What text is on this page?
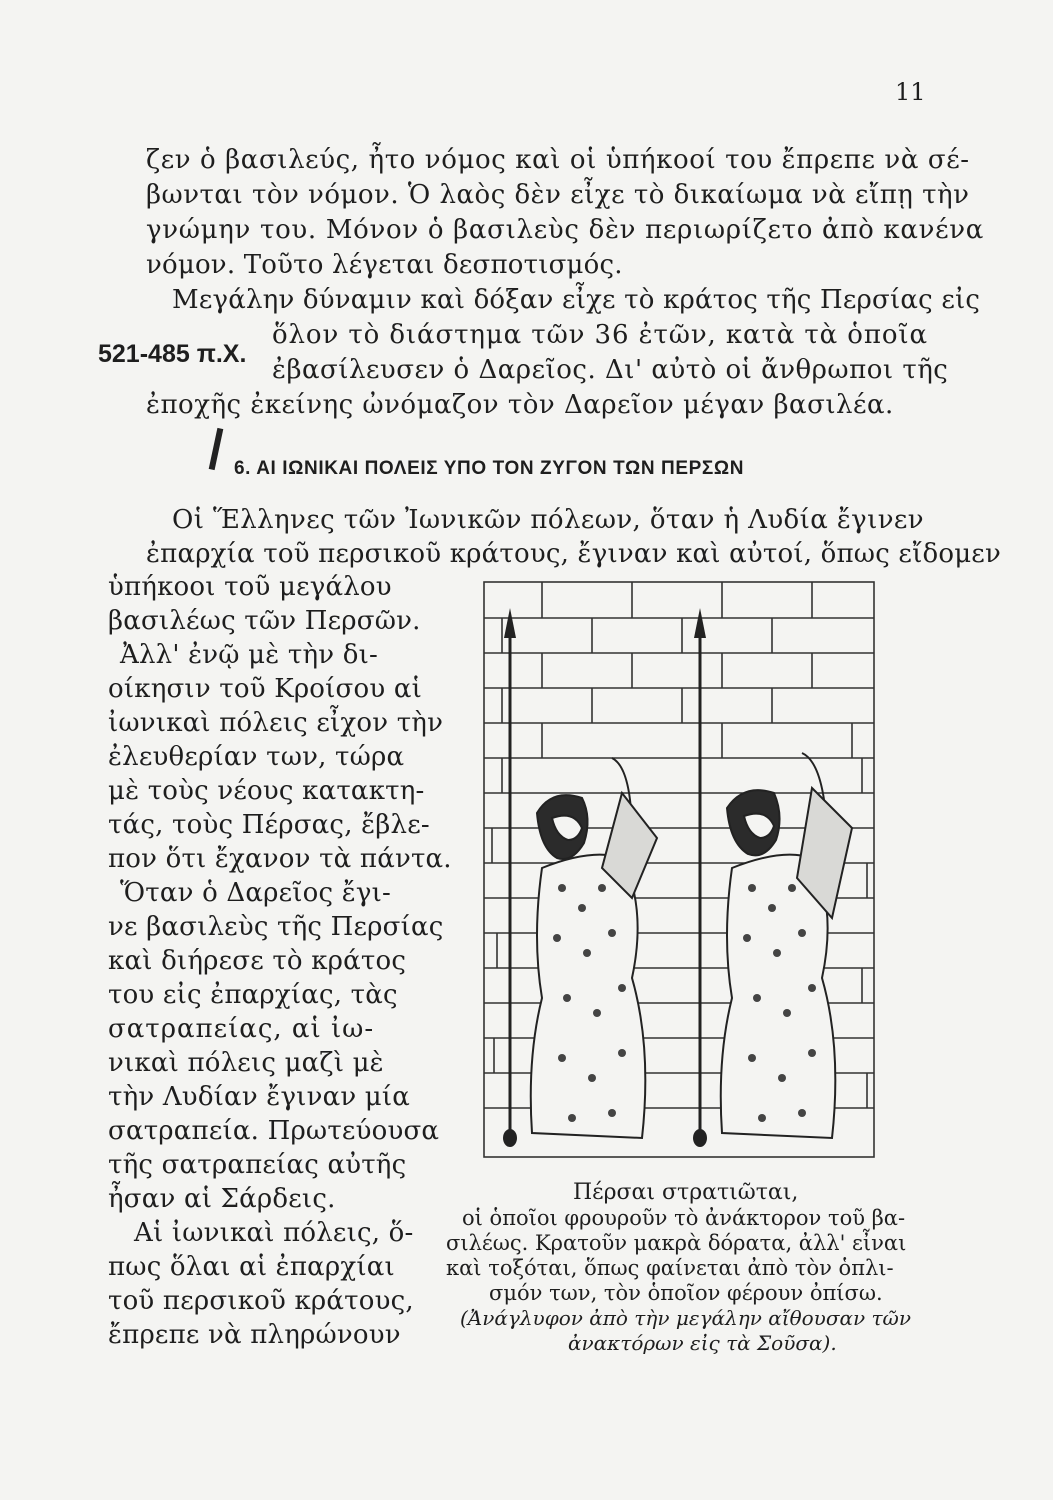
11
ζεν ὁ βασιλεύς, ἦτο νόμος καὶ οἱ ὑπήκοοί του ἔπρεπε νὰ σέ-
βωνται τὸν νόμον. Ὁ λαὸς δὲν εἶχε τὸ δικαίωμα νὰ εἴπῃ τὴν
γνώμην του. Μόνον ὁ βασιλεὺς δὲν περιωρίζετο ἀπὸ κανένα
νόμον. Τοῦτο λέγεται δεσποτισμός.
Μεγάλην δύναμιν καὶ δόξαν εἶχε τὸ κράτος τῆς Περσίας εἰς
ὅλον τὸ διάστημα τῶν 36 ἐτῶν, κατὰ τὰ ὁποῖα
ἐβασίλευσεν ὁ Δαρεῖος. Δι' αὐτὸ οἱ ἄνθρωποι τῆς
ἐποχῆς ἐκείνης ὠνόμαζον τὸν Δαρεῖον μέγαν βασιλέα.
521-485 π.Χ.
6. ΑΙ ΙΩΝΙΚΑΙ ΠΟΛΕΙΣ ΥΠΟ ΤΟΝ ΖΥΓΟΝ ΤΩΝ ΠΕΡΣΩΝ
Οἱ Ἕλληνες τῶν Ἰωνικῶν πόλεων, ὅταν ἡ Λυδία ἔγινεν
ἐπαρχία τοῦ περσικοῦ κράτους, ἔγιναν καὶ αὐτοί, ὅπως εἴδομεν
ὑπήκοοι τοῦ μεγάλου
βασιλέως τῶν Περσῶν.
Ἀλλ' ἐνῷ μὲ τὴν δι-
οίκησιν τοῦ Κροίσου αἱ
ἰωνικαὶ πόλεις εἶχον τὴν
ἐλευθερίαν των, τώρα
μὲ τοὺς νέους κατακτη-
τάς, τοὺς Πέρσας, ἔβλε-
πον ὅτι ἔχανον τὰ πάντα.
Ὅταν ὁ Δαρεῖος ἔγι-
νε βασιλεὺς τῆς Περσίας
καὶ διήρεσε τὸ κράτος
του εἰς ἐπαρχίας, τὰς
σατραπείας, αἱ ἰω-
νικαὶ πόλεις μαζὶ μὲ
τὴν Λυδίαν ἔγιναν μία
σατραπεία. Πρωτεύουσα
τῆς σατραπείας αὐτῆς
ἦσαν αἱ Σάρδεις.
Αἱ ἰωνικαὶ πόλεις, ὅ-
πως ὅλαι αἱ ἐπαρχίαι
τοῦ περσικοῦ κράτους,
ἔπρεπε νὰ πληρώνουν
Πέρσαι στρατιῶται,
οἱ ὁποῖοι φρουροῦν τὸ ἀνάκτορον τοῦ βα-
σιλέως. Κρατοῦν μακρὰ δόρατα, ἀλλ' εἶναι
καὶ τοξόται, ὅπως φαίνεται ἀπὸ τὸν ὁπλι-
σμόν των, τὸν ὁποῖον φέρουν ὀπίσω.
(Ἀνάγλυφον ἀπὸ τὴν μεγάλην αἴθουσαν τῶν
ἀνακτόρων εἰς τὰ Σοῦσα).
